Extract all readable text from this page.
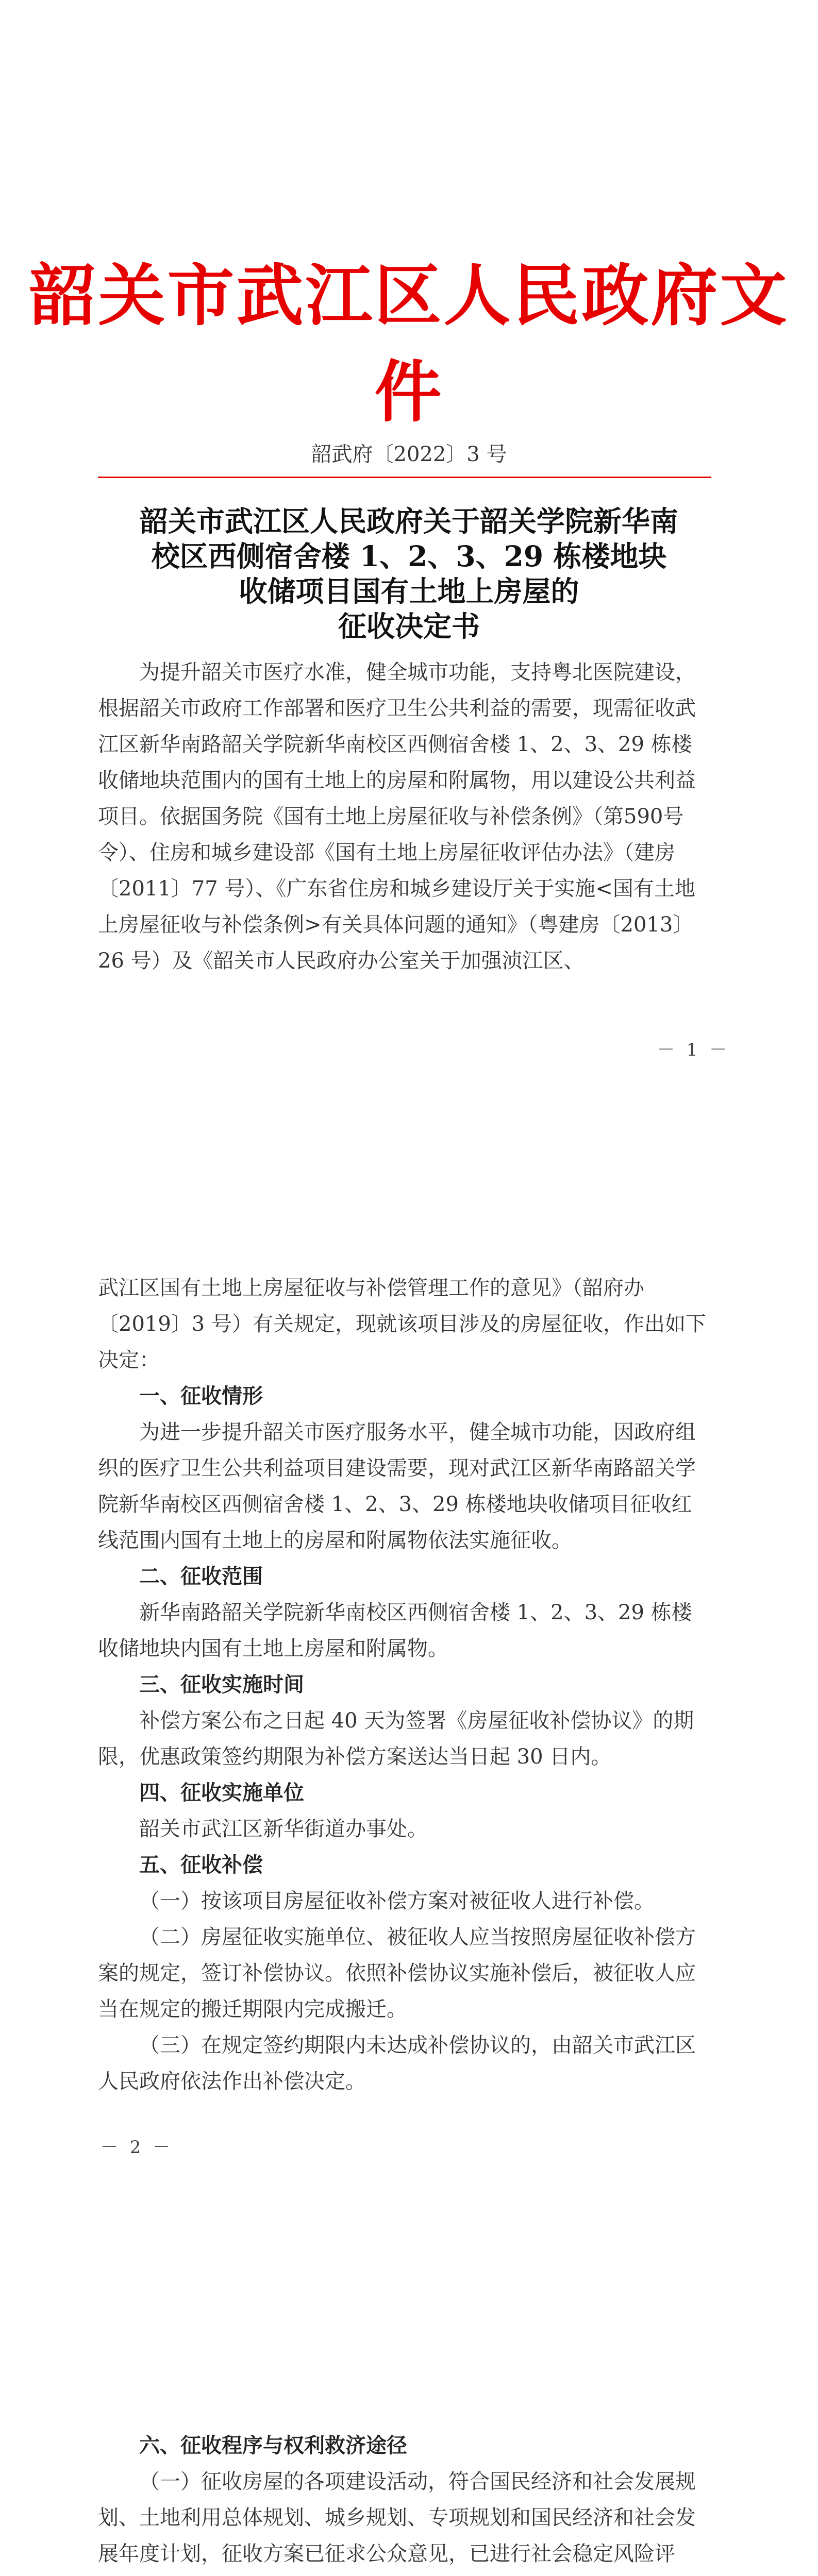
韶关市武江区人民政府文件
韶武府〔2022〕3 号
韶关市武江区人民政府关于韶关学院新华南
校区西侧宿舍楼 1、2、3、29 栋楼地块
收储项目国有土地上房屋的
征收决定书

为提升韶关市医疗水准，健全城市功能，支持粤北医院建设，根据韶关市政府工作部署和医疗卫生公共利益的需要，现需征收武江区新华南路韶关学院新华南校区西侧宿舍楼 1、2、3、29 栋楼收储地块范围内的国有土地上的房屋和附属物，用以建设公共利益项目。依据国务院《国有土地上房屋征收与补偿条例》（第590号令）、住房和城乡建设部《国有土地上房屋征收评估办法》（建房〔2011〕77 号）、《广东省住房和城乡建设厅关于实施<国有土地上房屋征收与补偿条例>有关具体问题的通知》（粤建房〔2013〕26 号）及《韶关市人民政府办公室关于加强浈江区、

－ 1 －

武江区国有土地上房屋征收与补偿管理工作的意见》（韶府办〔2019〕3 号）有关规定，现就该项目涉及的房屋征收，作出如下决定：

一、征收情形

为进一步提升韶关市医疗服务水平，健全城市功能，因政府组织的医疗卫生公共利益项目建设需要，现对武江区新华南路韶关学院新华南校区西侧宿舍楼 1、2、3、29 栋楼地块收储项目征收红线范围内国有土地上的房屋和附属物依法实施征收。

二、征收范围

新华南路韶关学院新华南校区西侧宿舍楼 1、2、3、29 栋楼收储地块内国有土地上房屋和附属物。

三、征收实施时间

补偿方案公布之日起 40 天为签署《房屋征收补偿协议》的期限，优惠政策签约期限为补偿方案送达当日起 30 日内。

四、征收实施单位

韶关市武江区新华街道办事处。

五、征收补偿

（一）按该项目房屋征收补偿方案对被征收人进行补偿。

（二）房屋征收实施单位、被征收人应当按照房屋征收补偿方案的规定，签订补偿协议。依照补偿协议实施补偿后，被征收人应当在规定的搬迁期限内完成搬迁。

（三）在规定签约期限内未达成补偿协议的，由韶关市武江区人民政府依法作出补偿决定。

－ 2 －

六、征收程序与权利救济途径

（一）征收房屋的各项建设活动，符合国民经济和社会发展规划、土地利用总体规划、城乡规划、专项规划和国民经济和社会发展年度计划，征收方案已征求公众意见，已进行社会稳定风险评
